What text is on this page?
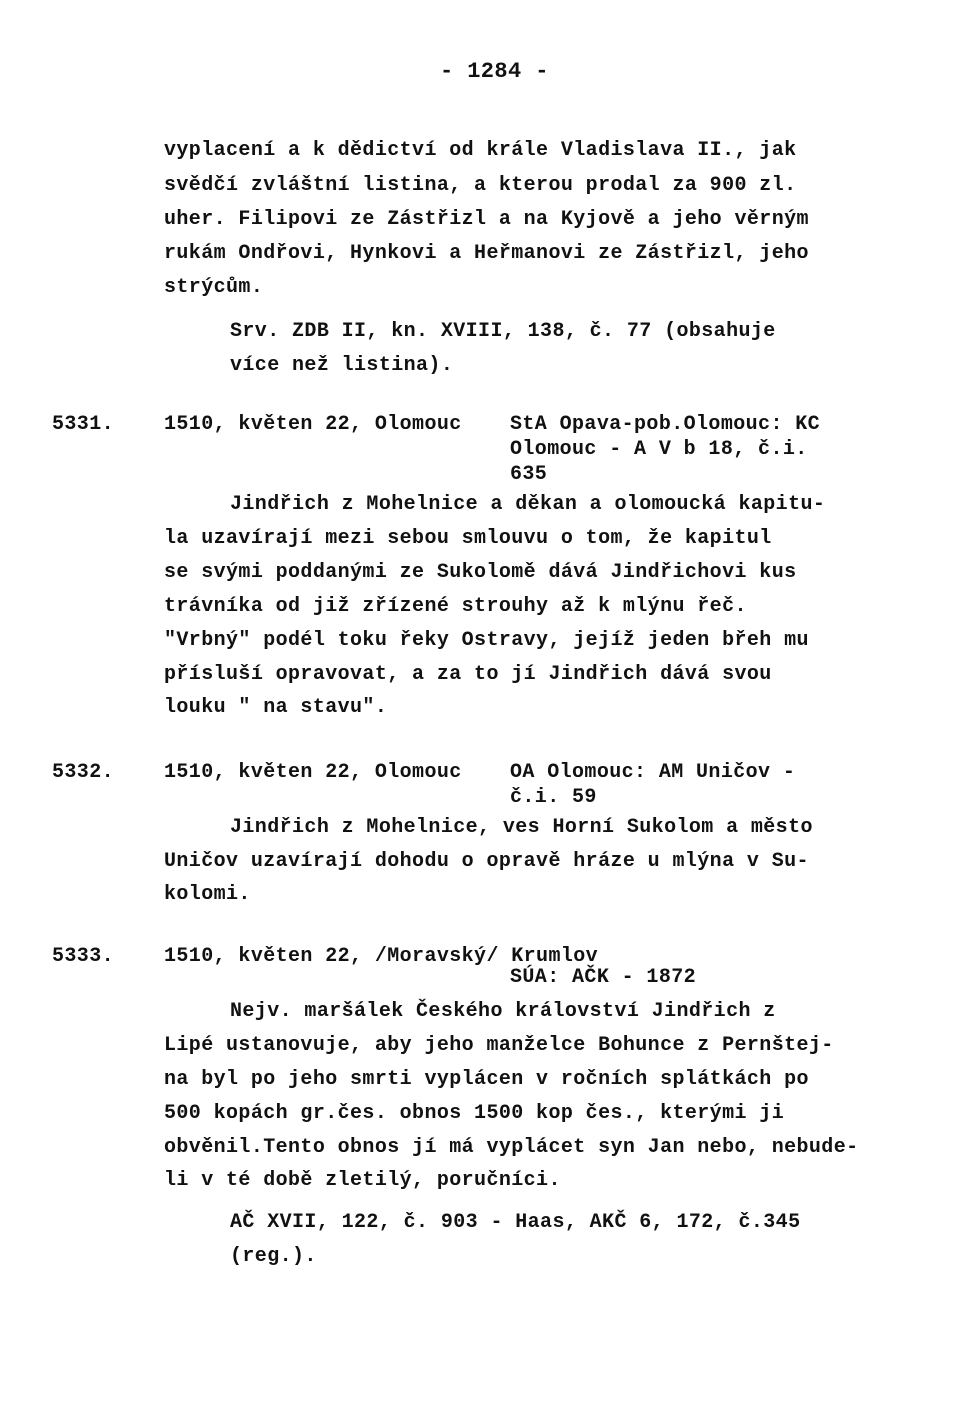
- 1284 -
vyplacení a k dědictví od krále Vladislava II., jak
svědčí zvláštní listina, a kterou prodal za 900 zl.
uher. Filipovi ze Zástřizl a na Kyjově a jeho věrným
rukám Ondřovi, Hynkovi a Heřmanovi ze Zástřizl, jeho
strýcům.
Srv. ZDB II, kn. XVIII, 138, č. 77 (obsahuje
více než listina).
5331. 1510, květen 22, Olomouc StA Opava-pob.Olomouc: KC
Olomouc - A V b 18, č.i.
635
Jindřich z Mohelnice a děkan a olomoucká kapitu-
la uzavírají mezi sebou smlouvu o tom, že kapitul
se svými poddanými ze Sukolomě dává Jindřichovi kus
trávníka od již zřízené strouhy až k mlýnu řeč.
"Vrbný" podél toku řeky Ostravy, jejíž jeden břeh mu
přísluší opravovat, a za to jí Jindřich dává svou
louku " na stavu".
5332. 1510, květen 22, Olomouc OA Olomouc: AM Uničov -
č.i. 59
Jindřich z Mohelnice, ves Horní Sukolom a město
Uničov uzavírají dohodu o opravě hráze u mlýna v Su-
kolomi.
5333. 1510, květen 22, /Moravský/ Krumlov
SÚA: AČK - 1872
Nejv. maršálek Českého království Jindřich z
Lipé ustanovuje, aby jeho manželce Bohunce z Pernštej-
na byl po jeho smrti vyplácen v ročních splátkách po
500 kopách gr.čes. obnos 1500 kop čes., kterými ji
obvěnil.Tento obnos jí má vyplácet syn Jan nebo, nebude-
li v té době zletilý, poručníci.
AČ XVII, 122, č. 903 - Haas, AKČ 6, 172, č.345
(reg.).
